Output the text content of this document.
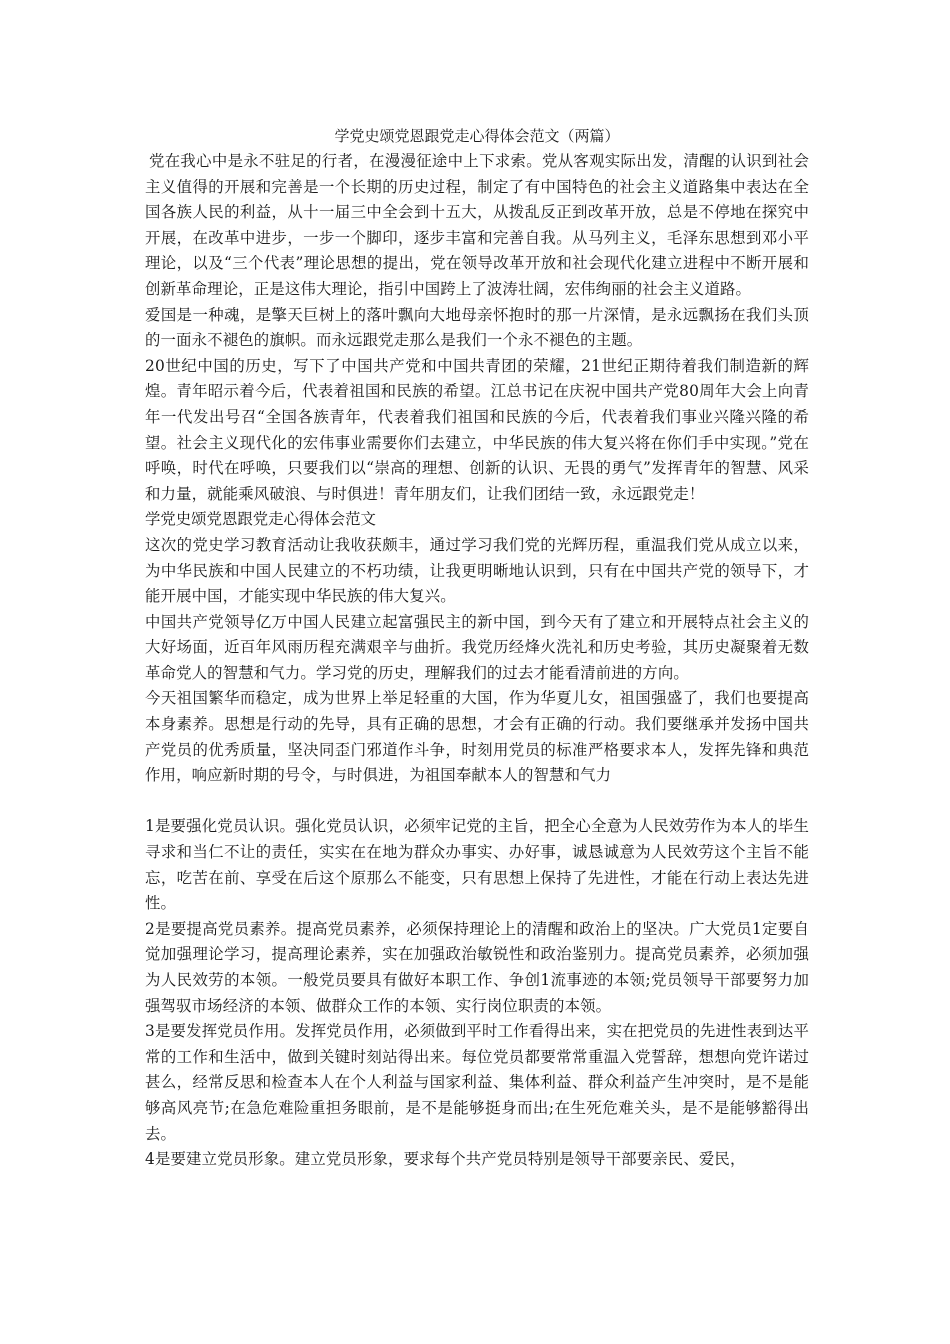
学党史颂党恩跟党走心得体会范文（两篇）

党在我心中是永不驻足的行者，在漫漫征途中上下求索。党从客观实际出发，清醒的认识到社会主义值得的开展和完善是一个长期的历史过程，制定了有中国特色的社会主义道路集中表达在全国各族人民的利益，从十一届三中全会到十五大，从拨乱反正到改革开放，总是不停地在探究中开展，在改革中进步，一步一个脚印，逐步丰富和完善自我。从马列主义，毛泽东思想到邓小平理论，以及“三个代表”理论思想的提出，党在领导改革开放和社会现代化建立进程中不断开展和创新革命理论，正是这伟大理论，指引中国跨上了波涛壮阔，宏伟绚丽的社会主义道路。

爱国是一种魂，是擎天巨树上的落叶飘向大地母亲怀抱时的那一片深情，是永远飘扬在我们头顶的一面永不褪色的旗帜。而永远跟党走那么是我们一个永不褪色的主题。

20世纪中国的历史，写下了中国共产党和中国共青团的荣耀，21世纪正期待着我们制造新的辉煌。青年昭示着今后，代表着祖国和民族的希望。江总书记在庆祝中国共产党80周年大会上向青年一代发出号召“全国各族青年，代表着我们祖国和民族的今后，代表着我们事业兴隆兴隆的希望。社会主义现代化的宏伟事业需要你们去建立，中华民族的伟大复兴将在你们手中实现。”党在呼唤，时代在呼唤，只要我们以“崇高的理想、创新的认识、无畏的勇气”发挥青年的智慧、风采和力量，就能乘风破浪、与时俱进！青年朋友们，让我们团结一致，永远跟党走！

学党史颂党恩跟党走心得体会范文

这次的党史学习教育活动让我收获颇丰，通过学习我们党的光辉历程，重温我们党从成立以来，为中华民族和中国人民建立的不朽功绩，让我更明晰地认识到，只有在中国共产党的领导下，才能开展中国，才能实现中华民族的伟大复兴。

中国共产党领导亿万中国人民建立起富强民主的新中国，到今天有了建立和开展特点社会主义的大好场面，近百年风雨历程充满艰辛与曲折。我党历经烽火洗礼和历史考验，其历史凝聚着无数革命党人的智慧和气力。学习党的历史，理解我们的过去才能看清前进的方向。

今天祖国繁华而稳定，成为世界上举足轻重的大国，作为华夏儿女，祖国强盛了，我们也要提高本身素养。思想是行动的先导，具有正确的思想，才会有正确的行动。我们要继承并发扬中国共产党员的优秀质量，坚决同歪门邪道作斗争，时刻用党员的标准严格要求本人，发挥先锋和典范作用，响应新时期的号令，与时俱进，为祖国奉献本人的智慧和气力

1是要强化党员认识。强化党员认识，必须牢记党的主旨，把全心全意为人民效劳作为本人的毕生寻求和当仁不让的责任，实实在在地为群众办事实、办好事，诚恳诚意为人民效劳这个主旨不能忘，吃苦在前、享受在后这个原那么不能变，只有思想上保持了先进性，才能在行动上表达先进性。

2是要提高党员素养。提高党员素养，必须保持理论上的清醒和政治上的坚决。广大党员1定要自觉加强理论学习，提高理论素养，实在加强政治敏锐性和政治鉴别力。提高党员素养，必须加强为人民效劳的本领。一般党员要具有做好本职工作、争创1流事迹的本领;党员领导干部要努力加强驾驭市场经济的本领、做群众工作的本领、实行岗位职责的本领。

3是要发挥党员作用。发挥党员作用，必须做到平时工作看得出来，实在把党员的先进性表到达平常的工作和生活中，做到关键时刻站得出来。每位党员都要常常重温入党誓辞，想想向党许诺过甚么，经常反思和检查本人在个人利益与国家利益、集体利益、群众利益产生冲突时，是不是能够高风亮节;在急危难险重担务眼前，是不是能够挺身而出;在生死危难关头，是不是能够豁得出去。

4是要建立党员形象。建立党员形象，要求每个共产党员特别是领导干部要亲民、爱民，
